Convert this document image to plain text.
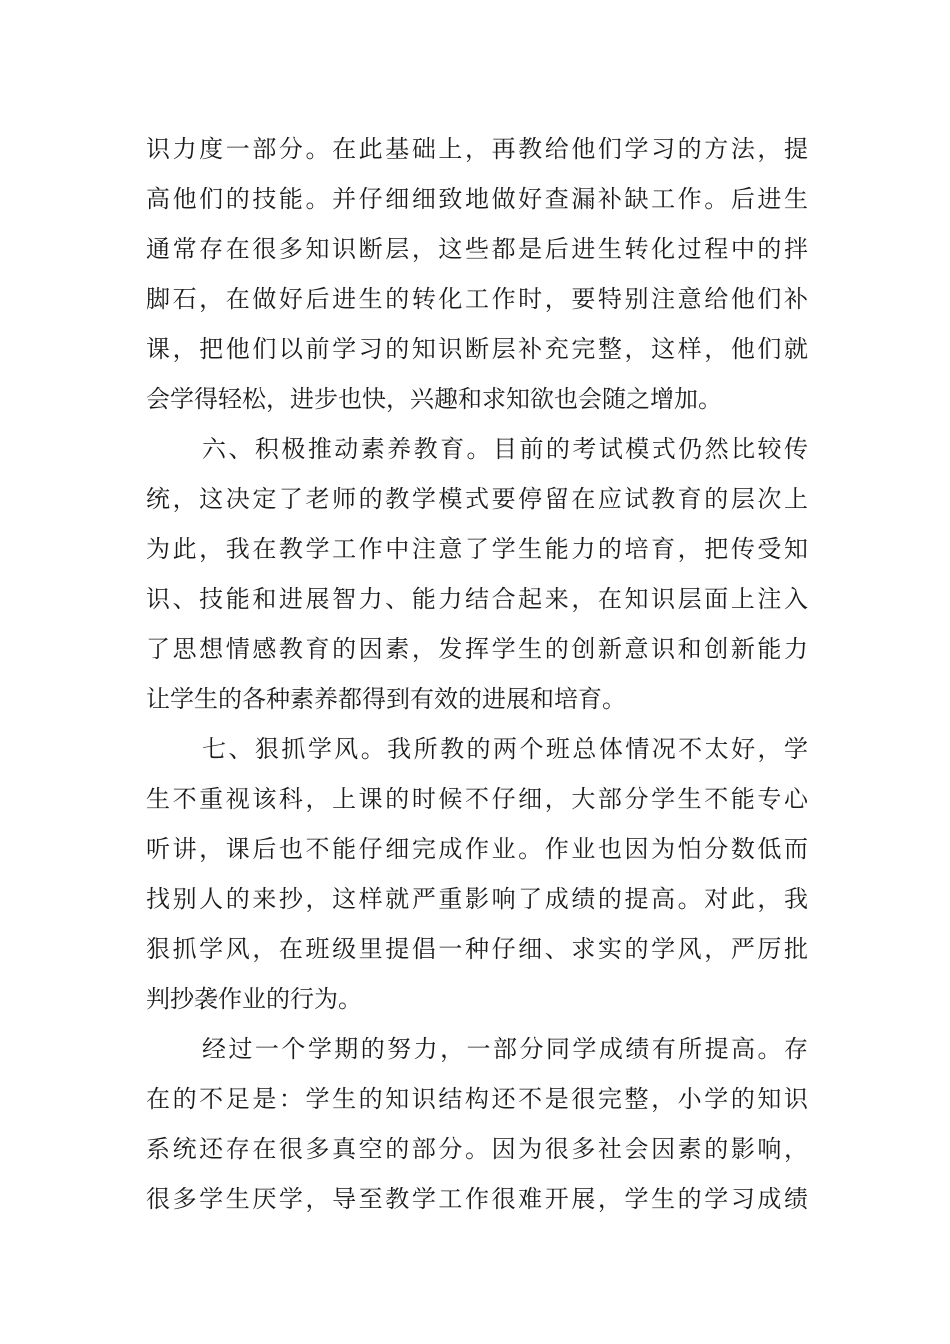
识力度一部分。在此基础上，再教给他们学习的方法，提
高他们的技能。并仔细细致地做好查漏补缺工作。后进生
通常存在很多知识断层，这些都是后进生转化过程中的拌
脚石，在做好后进生的转化工作时，要特别注意给他们补
课，把他们以前学习的知识断层补充完整，这样，他们就
会学得轻松，进步也快，兴趣和求知欲也会随之增加。
六、积极推动素养教育。目前的考试模式仍然比较传
统，这决定了老师的教学模式要停留在应试教育的层次上
为此，我在教学工作中注意了学生能力的培育，把传受知
识、技能和进展智力、能力结合起来，在知识层面上注入
了思想情感教育的因素，发挥学生的创新意识和创新能力
让学生的各种素养都得到有效的进展和培育。
七、狠抓学风。我所教的两个班总体情况不太好，学
生不重视该科，上课的时候不仔细，大部分学生不能专心
听讲，课后也不能仔细完成作业。作业也因为怕分数低而
找别人的来抄，这样就严重影响了成绩的提高。对此，我
狠抓学风，在班级里提倡一种仔细、求实的学风，严厉批
判抄袭作业的行为。
经过一个学期的努力，一部分同学成绩有所提高。存
在的不足是：学生的知识结构还不是很完整，小学的知识
系统还存在很多真空的部分。因为很多社会因素的影响，
很多学生厌学，导至教学工作很难开展，学生的学习成绩
